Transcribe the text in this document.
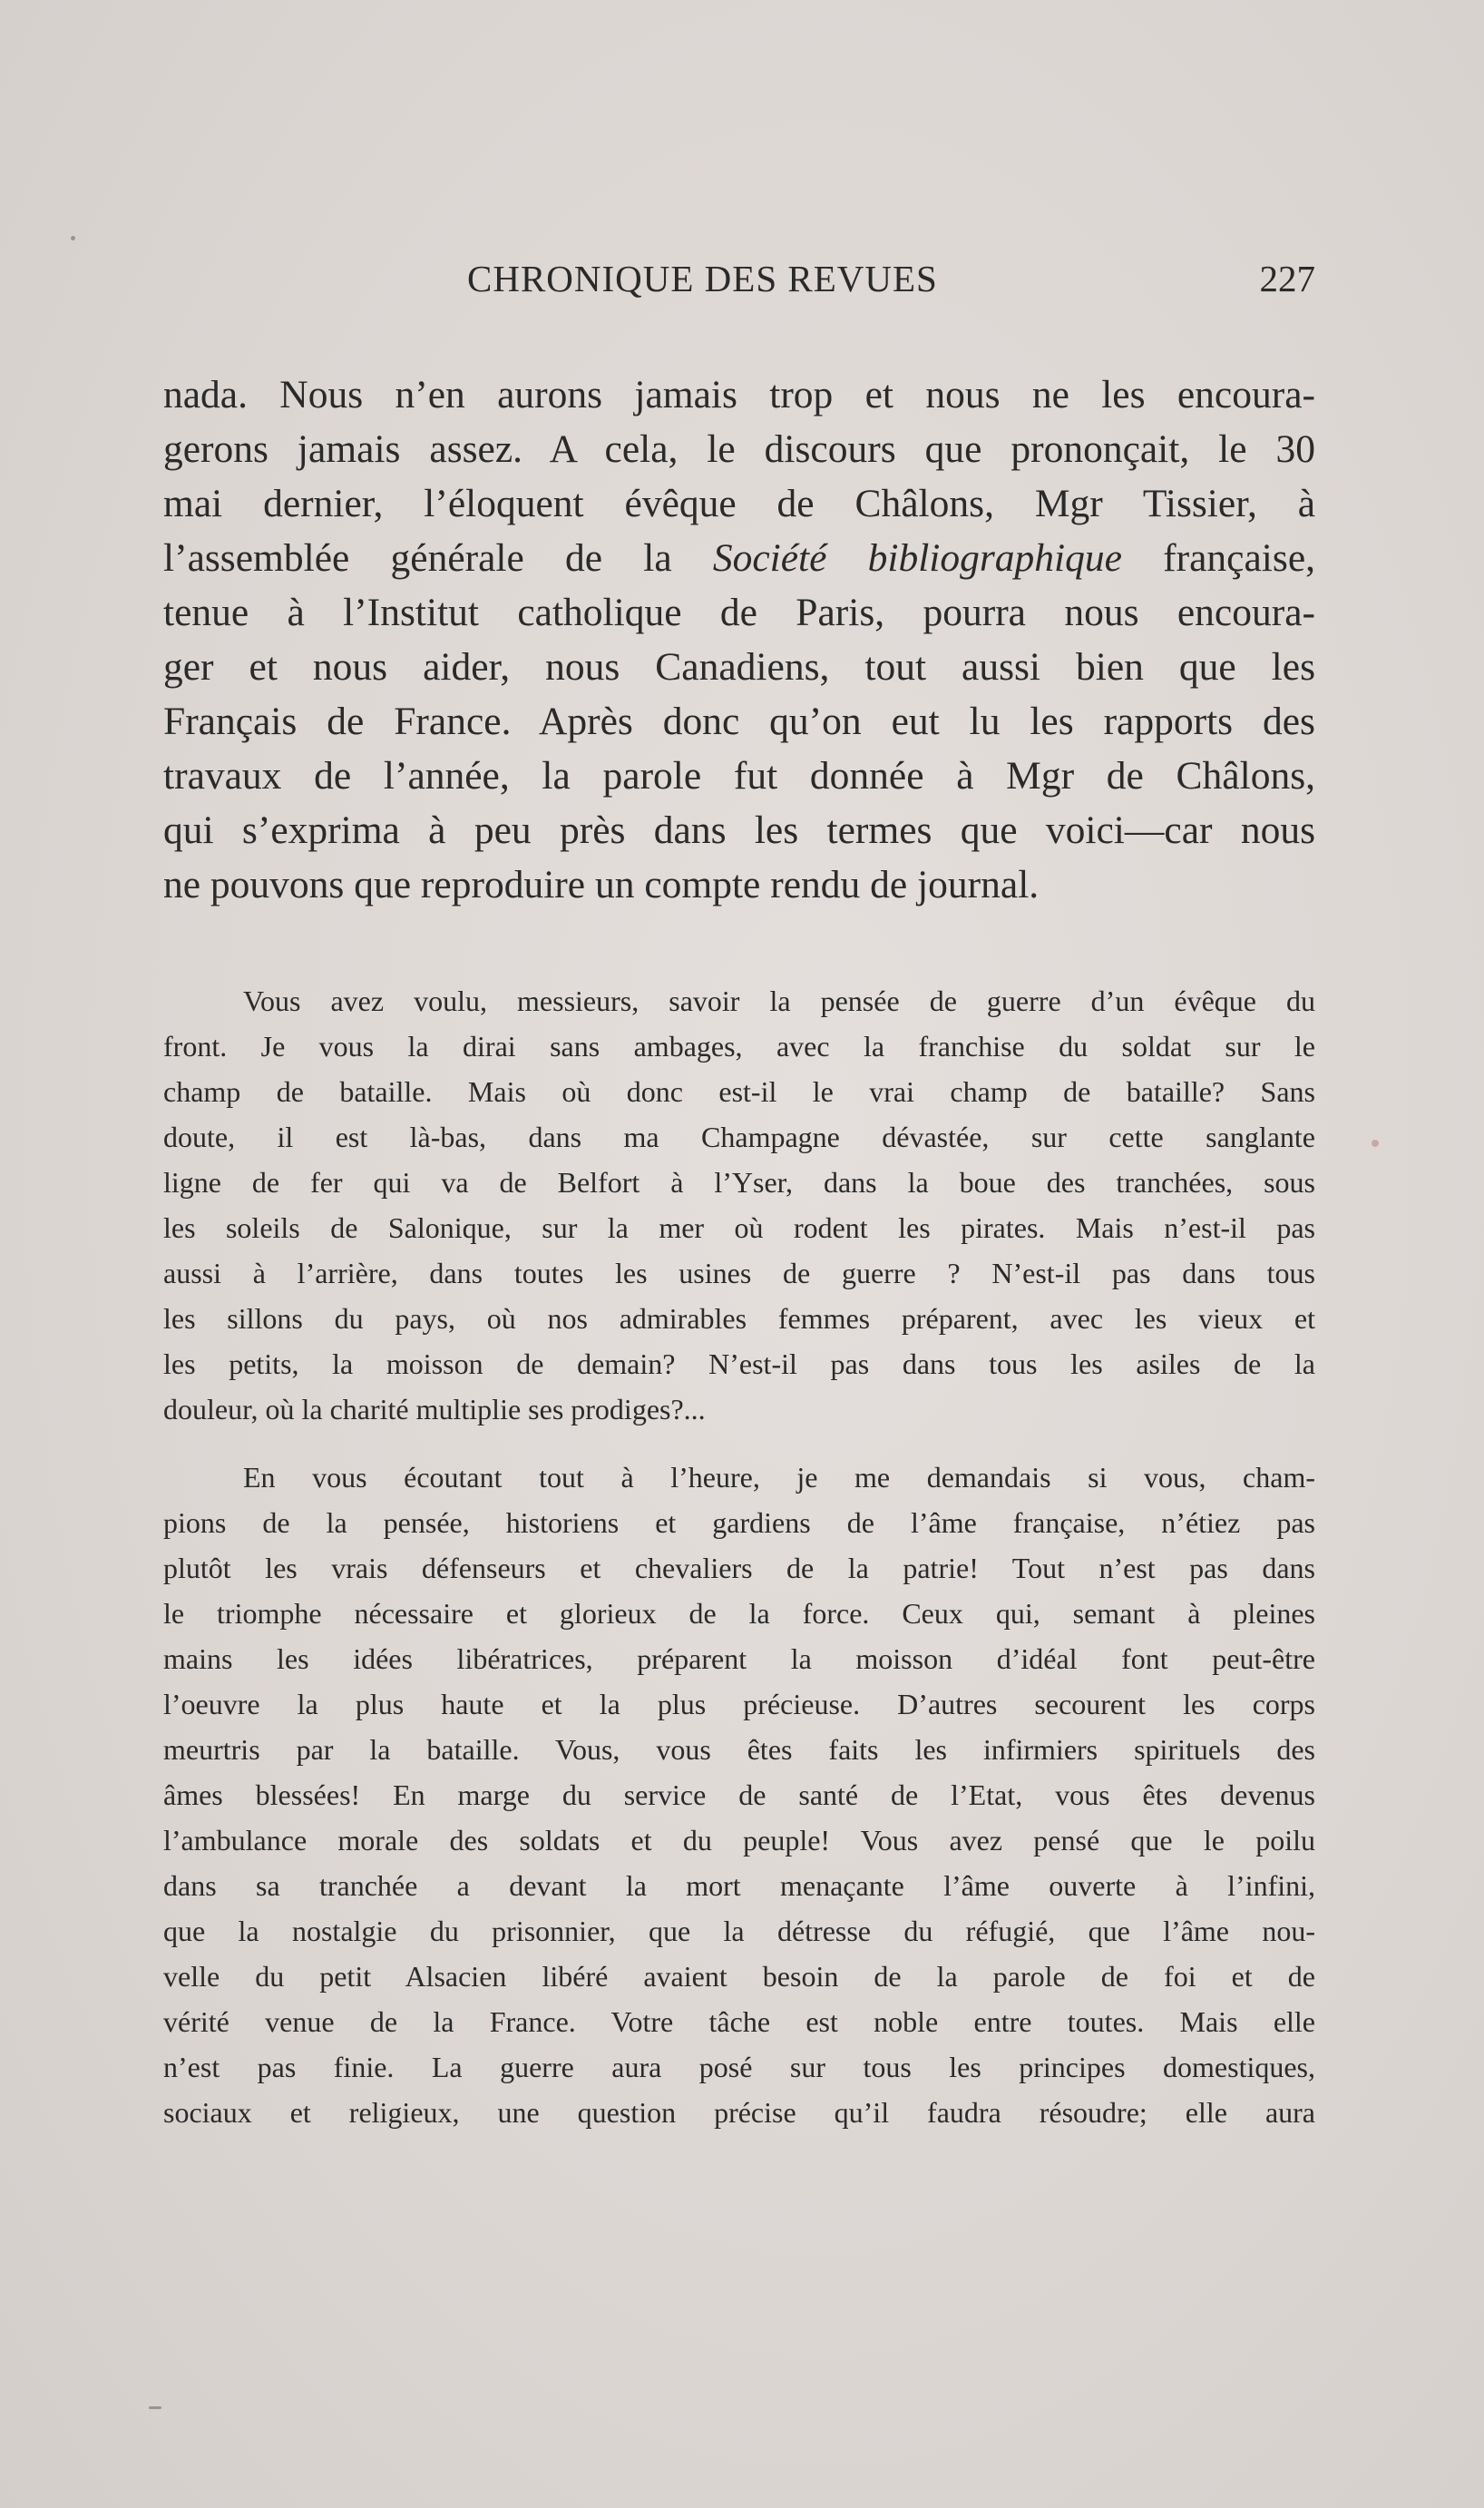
CHRONIQUE DES REVUES	227
nada. Nous n’en aurons jamais trop et nous ne les encoura-
gerons jamais assez. A cela, le discours que prononçait, le 30
mai dernier, l’éloquent évêque de Châlons, Mgr Tissier, à
l’assemblée générale de la Société bibliographique française,
tenue à l’Institut catholique de Paris, pourra nous encoura-
ger et nous aider, nous Canadiens, tout aussi bien que les
Français de France. Après donc qu’on eut lu les rapports des
travaux de l’année, la parole fut donnée à Mgr de Châlons,
qui s’exprima à peu près dans les termes que voici—car nous
ne pouvons que reproduire un compte rendu de journal.
Vous avez voulu, messieurs, savoir la pensée de guerre d’un évêque du
front. Je vous la dirai sans ambages, avec la franchise du soldat sur le
champ de bataille. Mais où donc est-il le vrai champ de bataille? Sans
doute, il est là-bas, dans ma Champagne dévastée, sur cette sanglante
ligne de fer qui va de Belfort à l’Yser, dans la boue des tranchées, sous
les soleils de Salonique, sur la mer où rodent les pirates. Mais n’est-il pas
aussi à l’arrière, dans toutes les usines de guerre ? N’est-il pas dans tous
les sillons du pays, où nos admirables femmes préparent, avec les vieux et
les petits, la moisson de demain? N’est-il pas dans tous les asiles de la
douleur, où la charité multiplie ses prodiges?...
En vous écoutant tout à l’heure, je me demandais si vous, cham-
pions de la pensée, historiens et gardiens de l’âme française, n’étiez pas
plutôt les vrais défenseurs et chevaliers de la patrie! Tout n’est pas dans
le triomphe nécessaire et glorieux de la force. Ceux qui, semant à pleines
mains les idées libératrices, préparent la moisson d’idéal font peut-être
l’oeuvre la plus haute et la plus précieuse. D’autres secourent les corps
meurtris par la bataille. Vous, vous êtes faits les infirmiers spirituels des
âmes blessées! En marge du service de santé de l’Etat, vous êtes devenus
l’ambulance morale des soldats et du peuple! Vous avez pensé que le poilu
dans sa tranchée a devant la mort menaçante l’âme ouverte à l’infini,
que la nostalgie du prisonnier, que la détresse du réfugié, que l’âme nou-
velle du petit Alsacien libéré avaient besoin de la parole de foi et de
vérité venue de la France. Votre tâche est noble entre toutes. Mais elle
n’est pas finie. La guerre aura posé sur tous les principes domestiques,
sociaux et religieux, une question précise qu’il faudra résoudre; elle aura
